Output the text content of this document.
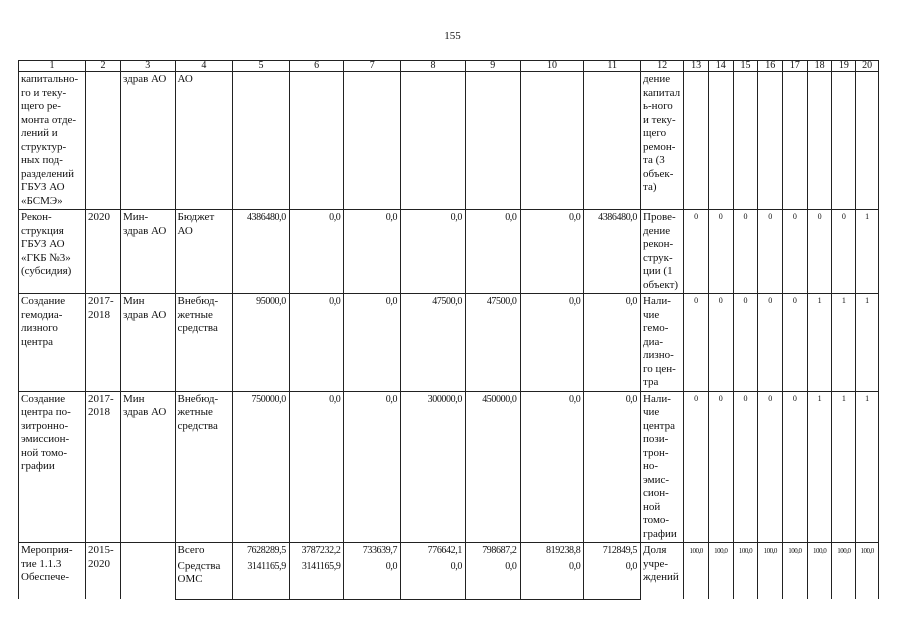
155
1	2	3	4	5	6	7	8	9	10	11	12	13	14	15	16	17	18	19	20
капитально-го и теку-щего ре-монта отде-лений и структур-ных под-разделений ГБУЗ АО «БСМЭ»		здрав АО	АО								дение капиталь-ного и теку-щего ремон-та (3 объек-та)								
Рекон-струкция ГБУЗ АО «ГКБ №3» (субсидия)	2020	Мин-здрав АО	Бюджет АО	4386480,0	0,0	0,0	0,0	0,0	0,0	4386480,0	Прове-дение рекон-струк-ции (1 объект)	0	0	0	0	0	0	0	1
Создание гемодиа-лизного центра	2017-2018	Мин здрав АО	Внебюд-жетные средства	95000,0	0,0	0,0	47500,0	47500,0	0,0	0,0	Нали-чие гемо-диа-лизно-го цен-тра	0	0	0	0	0	1	1	1
Создание центра по-зитронно-эмиссион-ной томо-графии	2017-2018	Мин здрав АО	Внебюд-жетные средства	750000,0	0,0	0,0	300000,0	450000,0	0,0	0,0	Нали-чие центра пози-трон-но-эмис-сион-ной томо-графии	0	0	0	0	0	1	1	1
Мероприя-тие 1.1.3 Обеспече-	2015-2020		Всего	7628289,5	3787232,2	733639,7	776642,1	798687,2	819238,8	712849,5	Доля учре-ждений	100,0	100,0	100,0	100,0	100,0	100,0	100,0	100,0
			Средства ОМС	3141165,9	3141165,9	0,0	0,0	0,0	0,0	0,0									
